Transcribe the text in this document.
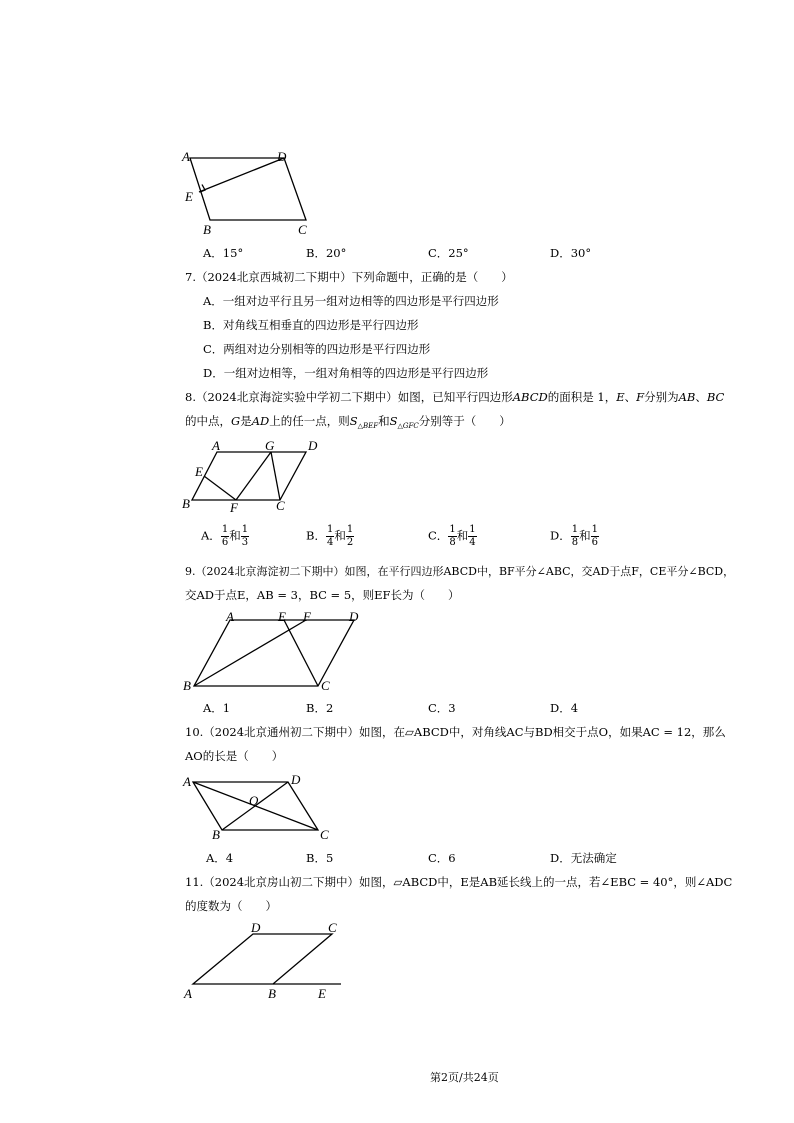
A	D
E
B	C
A．15°	B．20°	C．25°	D．30°
7.（2024北京西城初二下期中）下列命题中，正确的是（　　）
A．一组对边平行且另一组对边相等的四边形是平行四边形
B．对角线互相垂直的四边形是平行四边形
C．两组对边分别相等的四边形是平行四边形
D．一组对边相等，一组对角相等的四边形是平行四边形
8.（2024北京海淀实验中学初二下期中）如图，已知平行四边形ABCD的面积是 1，E、F分别为AB、BC
的中点，G是AD上的任一点，则$S_{\triangle BEF}$和$S_{\triangle GFC}$分别等于（　　）
A	G	D
E
B	F	C
A． $\frac{1}{6}$ 和 $\frac{1}{3}$	B． $\frac{1}{4}$ 和 $\frac{1}{2}$	C． $\frac{1}{8}$ 和 $\frac{1}{4}$	D． $\frac{1}{8}$ 和 $\frac{1}{6}$
9.（2024北京海淀初二下期中）如图，在平行四边形ABCD中，BF平分∠ABC，交AD于点F，CE平分∠BCD，
交AD于点E，AB = 3，BC = 5，则EF长为（　　）
A	E F	D
B	C
A．1	B．2	C．3	D．4
10.（2024北京通州初二下期中）如图，在▱ABCD中，对角线AC与BD相交于点O，如果AC = 12，那么
AO的长是（　　）
A	D
O
B	C
A．4	B．5	C．6	D．无法确定
11.（2024北京房山初二下期中）如图，▱ABCD中，E是AB延长线上的一点，若∠EBC = 40°，则∠ADC
的度数为（　　）
D	C
A	B	E
第2页/共24页
